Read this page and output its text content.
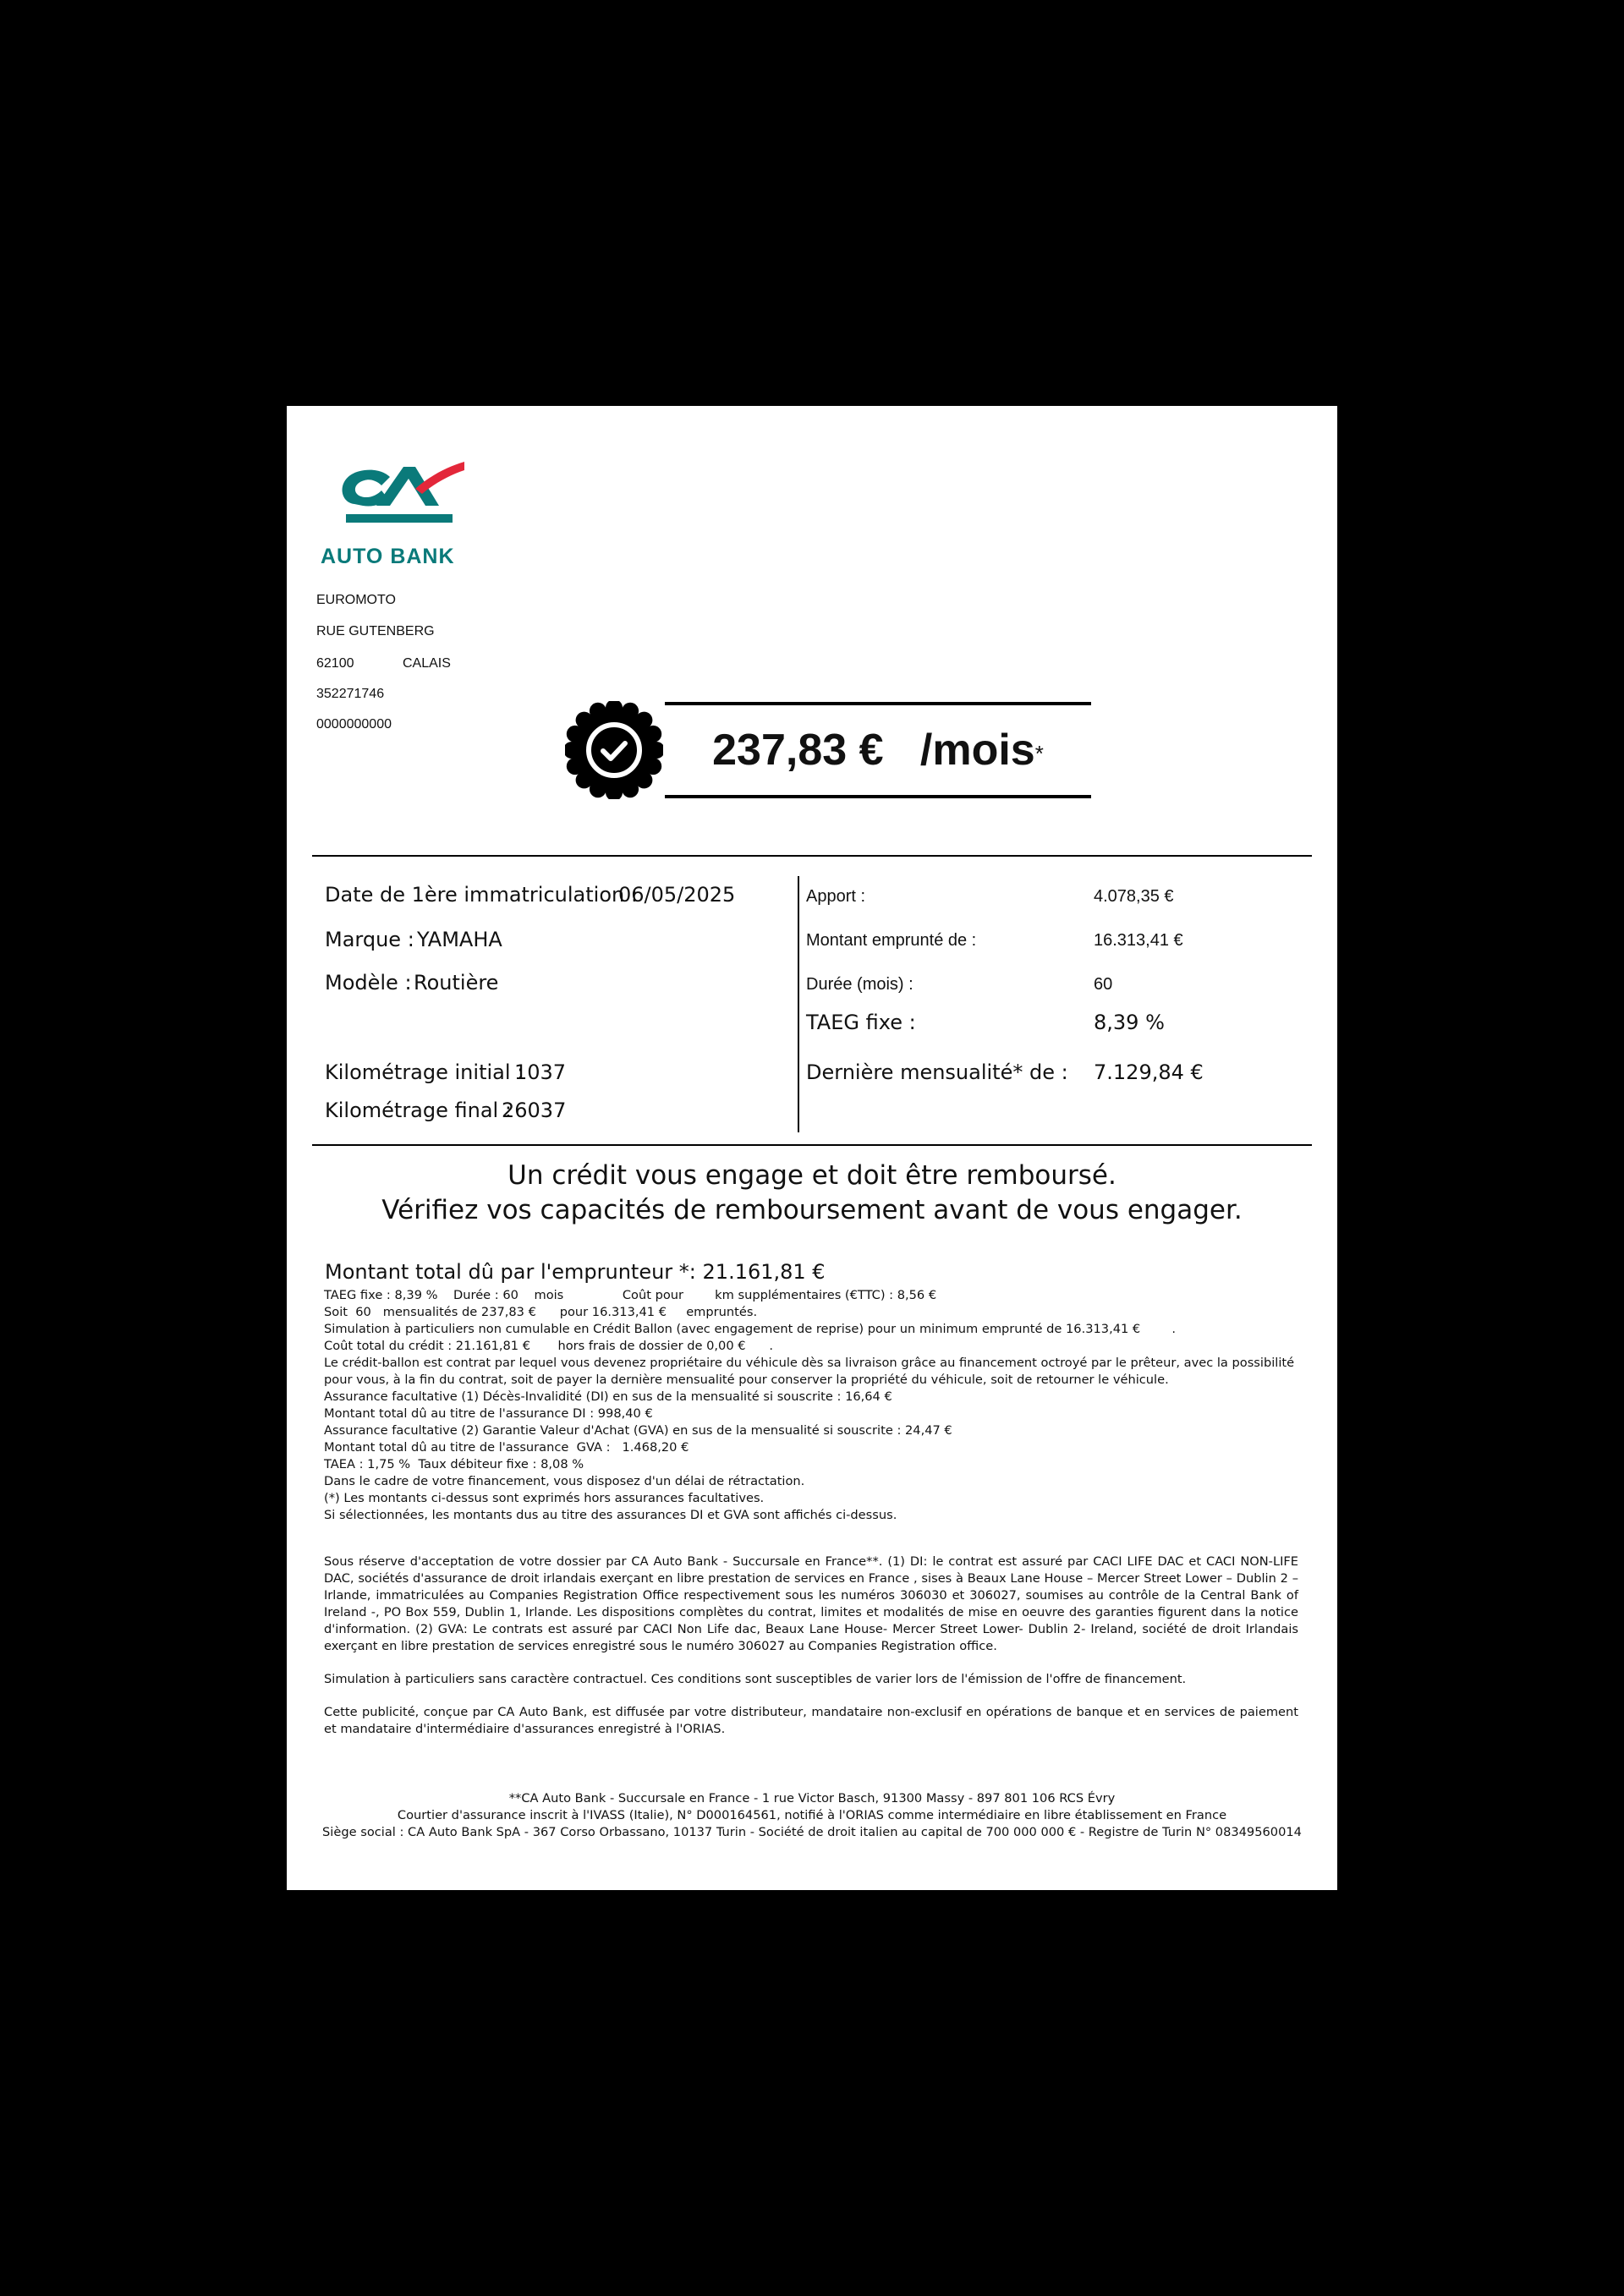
AUTO BANK
EUROMOTO
RUE GUTENBERG
62100	CALAIS
352271746
0000000000
237,83 €
/mois*
Date de 1ère immatriculation :
06/05/2025
Marque : YAMAHA
Modèle : Routière
Kilométrage initial :
1037
Kilométrage final :
26037
Apport :	4.078,35 €
Montant emprunté de :	16.313,41 €
Durée (mois) :	60
TAEG fixe :	8,39 %
Dernière mensualité* de : 7.129,84 €
Un crédit vous engage et doit être remboursé.
Vérifiez vos capacités de remboursement avant de vous engager.
Montant total dû par l'emprunteur *: 21.161,81 €
TAEG fixe : 8,39 %    Durée : 60    mois               Coût pour        km supplémentaires (€TTC) : 8,56 €
Soit  60   mensualités de 237,83 €      pour 16.313,41 €     empruntés.
Simulation à particuliers non cumulable en Crédit Ballon (avec engagement de reprise) pour un minimum emprunté de 16.313,41 €        .
Coût total du crédit : 21.161,81 €       hors frais de dossier de 0,00 €      .
Le crédit-ballon est contrat par lequel vous devenez propriétaire du véhicule dès sa livraison grâce au financement octroyé par le prêteur, avec la possibilité
pour vous, à la fin du contrat, soit de payer la dernière mensualité pour conserver la propriété du véhicule, soit de retourner le véhicule.
Assurance facultative (1) Décès-Invalidité (DI) en sus de la mensualité si souscrite : 16,64 €
Montant total dû au titre de l'assurance DI : 998,40 €
Assurance facultative (2) Garantie Valeur d'Achat (GVA) en sus de la mensualité si souscrite : 24,47 €
Montant total dû au titre de l'assurance  GVA :   1.468,20 €
TAEA : 1,75 %  Taux débiteur fixe : 8,08 %
Dans le cadre de votre financement, vous disposez d'un délai de rétractation.
(*) Les montants ci-dessus sont exprimés hors assurances facultatives.
Si sélectionnées, les montants dus au titre des assurances DI et GVA sont affichés ci-dessus.
Sous réserve d'acceptation de votre dossier par CA Auto Bank - Succursale en France**. (1) DI: le contrat est assuré par CACI LIFE DAC et CACI NON-LIFE DAC, sociétés d'assurance de droit irlandais exerçant en libre prestation de services en France , sises à Beaux Lane House – Mercer Street Lower – Dublin 2 –Irlande, immatriculées au Companies Registration Office respectivement sous les numéros 306030 et 306027, soumises au contrôle de la Central Bank of Ireland -, PO Box 559, Dublin 1, Irlande. Les dispositions complètes du contrat, limites et modalités de mise en oeuvre des garanties figurent dans la notice d'information. (2) GVA: Le contrats est assuré par CACI Non Life dac, Beaux Lane House- Mercer Street Lower- Dublin 2- Ireland, société de droit Irlandais exerçant en libre prestation de services enregistré sous le numéro 306027 au Companies Registration office.
Simulation à particuliers sans caractère contractuel. Ces conditions sont susceptibles de varier lors de l'émission de l'offre de financement.
Cette publicité, conçue par CA Auto Bank, est diffusée par votre distributeur, mandataire non-exclusif en opérations de banque et en services de paiement et mandataire d'intermédiaire d'assurances enregistré à l'ORIAS.
**CA Auto Bank - Succursale en France - 1 rue Victor Basch, 91300 Massy - 897 801 106 RCS Évry
Courtier d'assurance inscrit à l'IVASS (Italie), N° D000164561, notifié à l'ORIAS comme intermédiaire en libre établissement en France
Siège social : CA Auto Bank SpA - 367 Corso Orbassano, 10137 Turin - Société de droit italien au capital de 700 000 000 € - Registre de Turin N° 08349560014
